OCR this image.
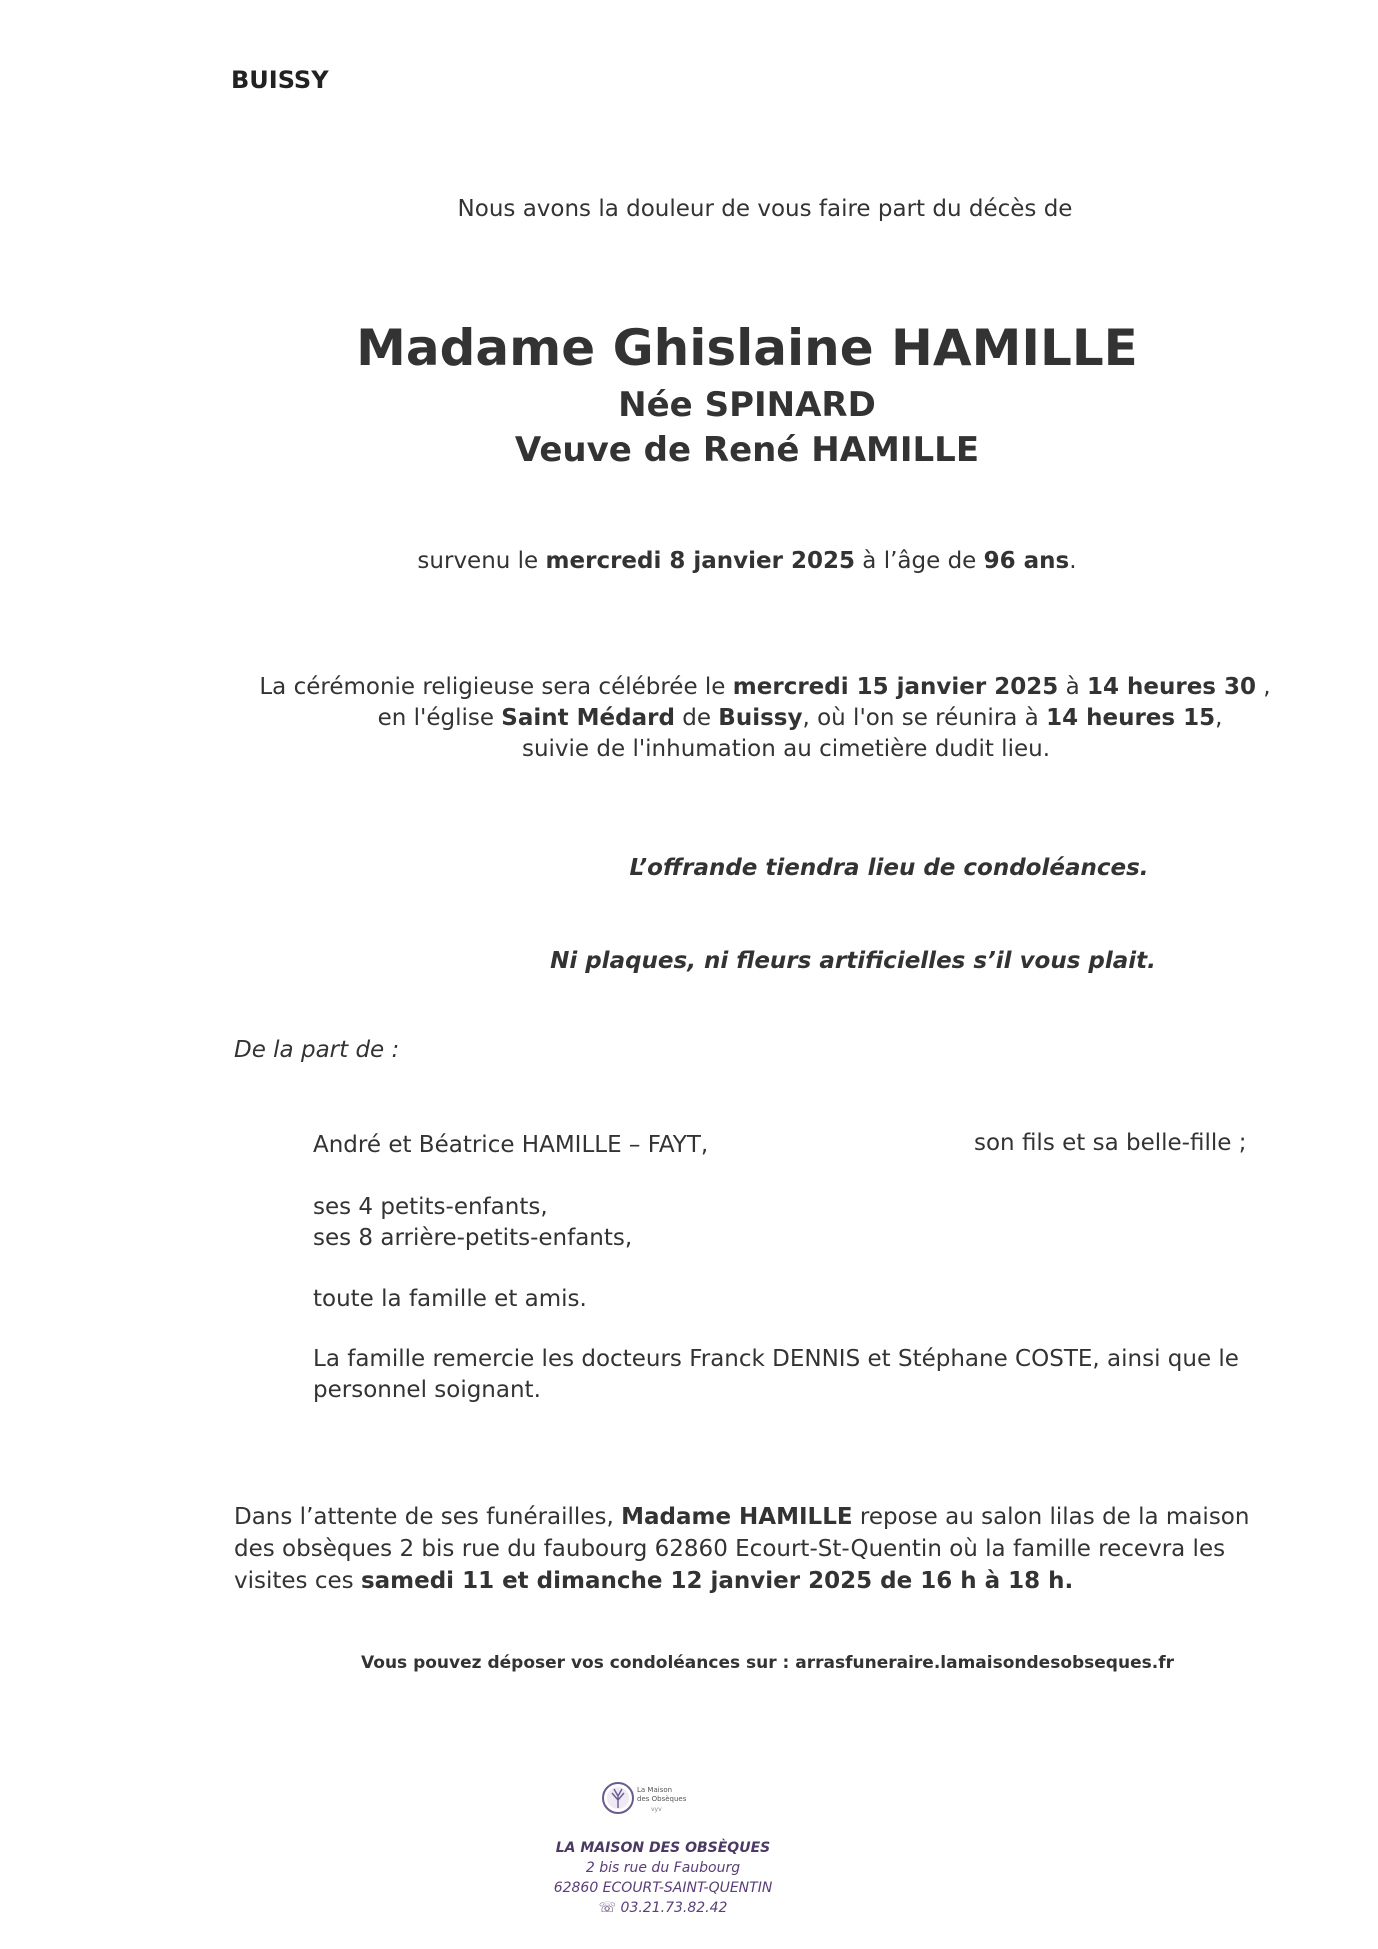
BUISSY
Nous avons la douleur de vous faire part du décès de
Madame Ghislaine HAMILLE
Née SPINARD
Veuve de René HAMILLE
survenu le mercredi 8 janvier 2025 à l’âge de 96 ans.
La cérémonie religieuse sera célébrée le mercredi 15 janvier 2025 à 14 heures 30 ,
en l'église Saint Médard de Buissy, où l'on se réunira à 14 heures 15,
suivie de l'inhumation au cimetière dudit lieu.
L’offrande tiendra lieu de condoléances.
Ni plaques, ni fleurs artificielles s’il vous plait.
De la part de :
André et Béatrice HAMILLE – FAYT,	son fils et sa belle-fille ;
ses 4 petits-enfants,
ses 8 arrière-petits-enfants,
toute la famille et amis.
La famille remercie les docteurs Franck DENNIS et Stéphane COSTE, ainsi que le personnel soignant.
Dans l’attente de ses funérailles, Madame HAMILLE repose au salon lilas de la maison des obsèques 2 bis rue du faubourg 62860 Ecourt-St-Quentin où la famille recevra les visites ces samedi 11 et dimanche 12 janvier 2025 de 16 h à 18 h.
Vous pouvez déposer vos condoléances sur : arrasfuneraire.lamaisondesobseques.fr
La Maison
des Obsèques
vyv
LA MAISON DES OBSÈQUES
2 bis rue du Faubourg
62860 ECOURT-SAINT-QUENTIN
☏ 03.21.73.82.42
